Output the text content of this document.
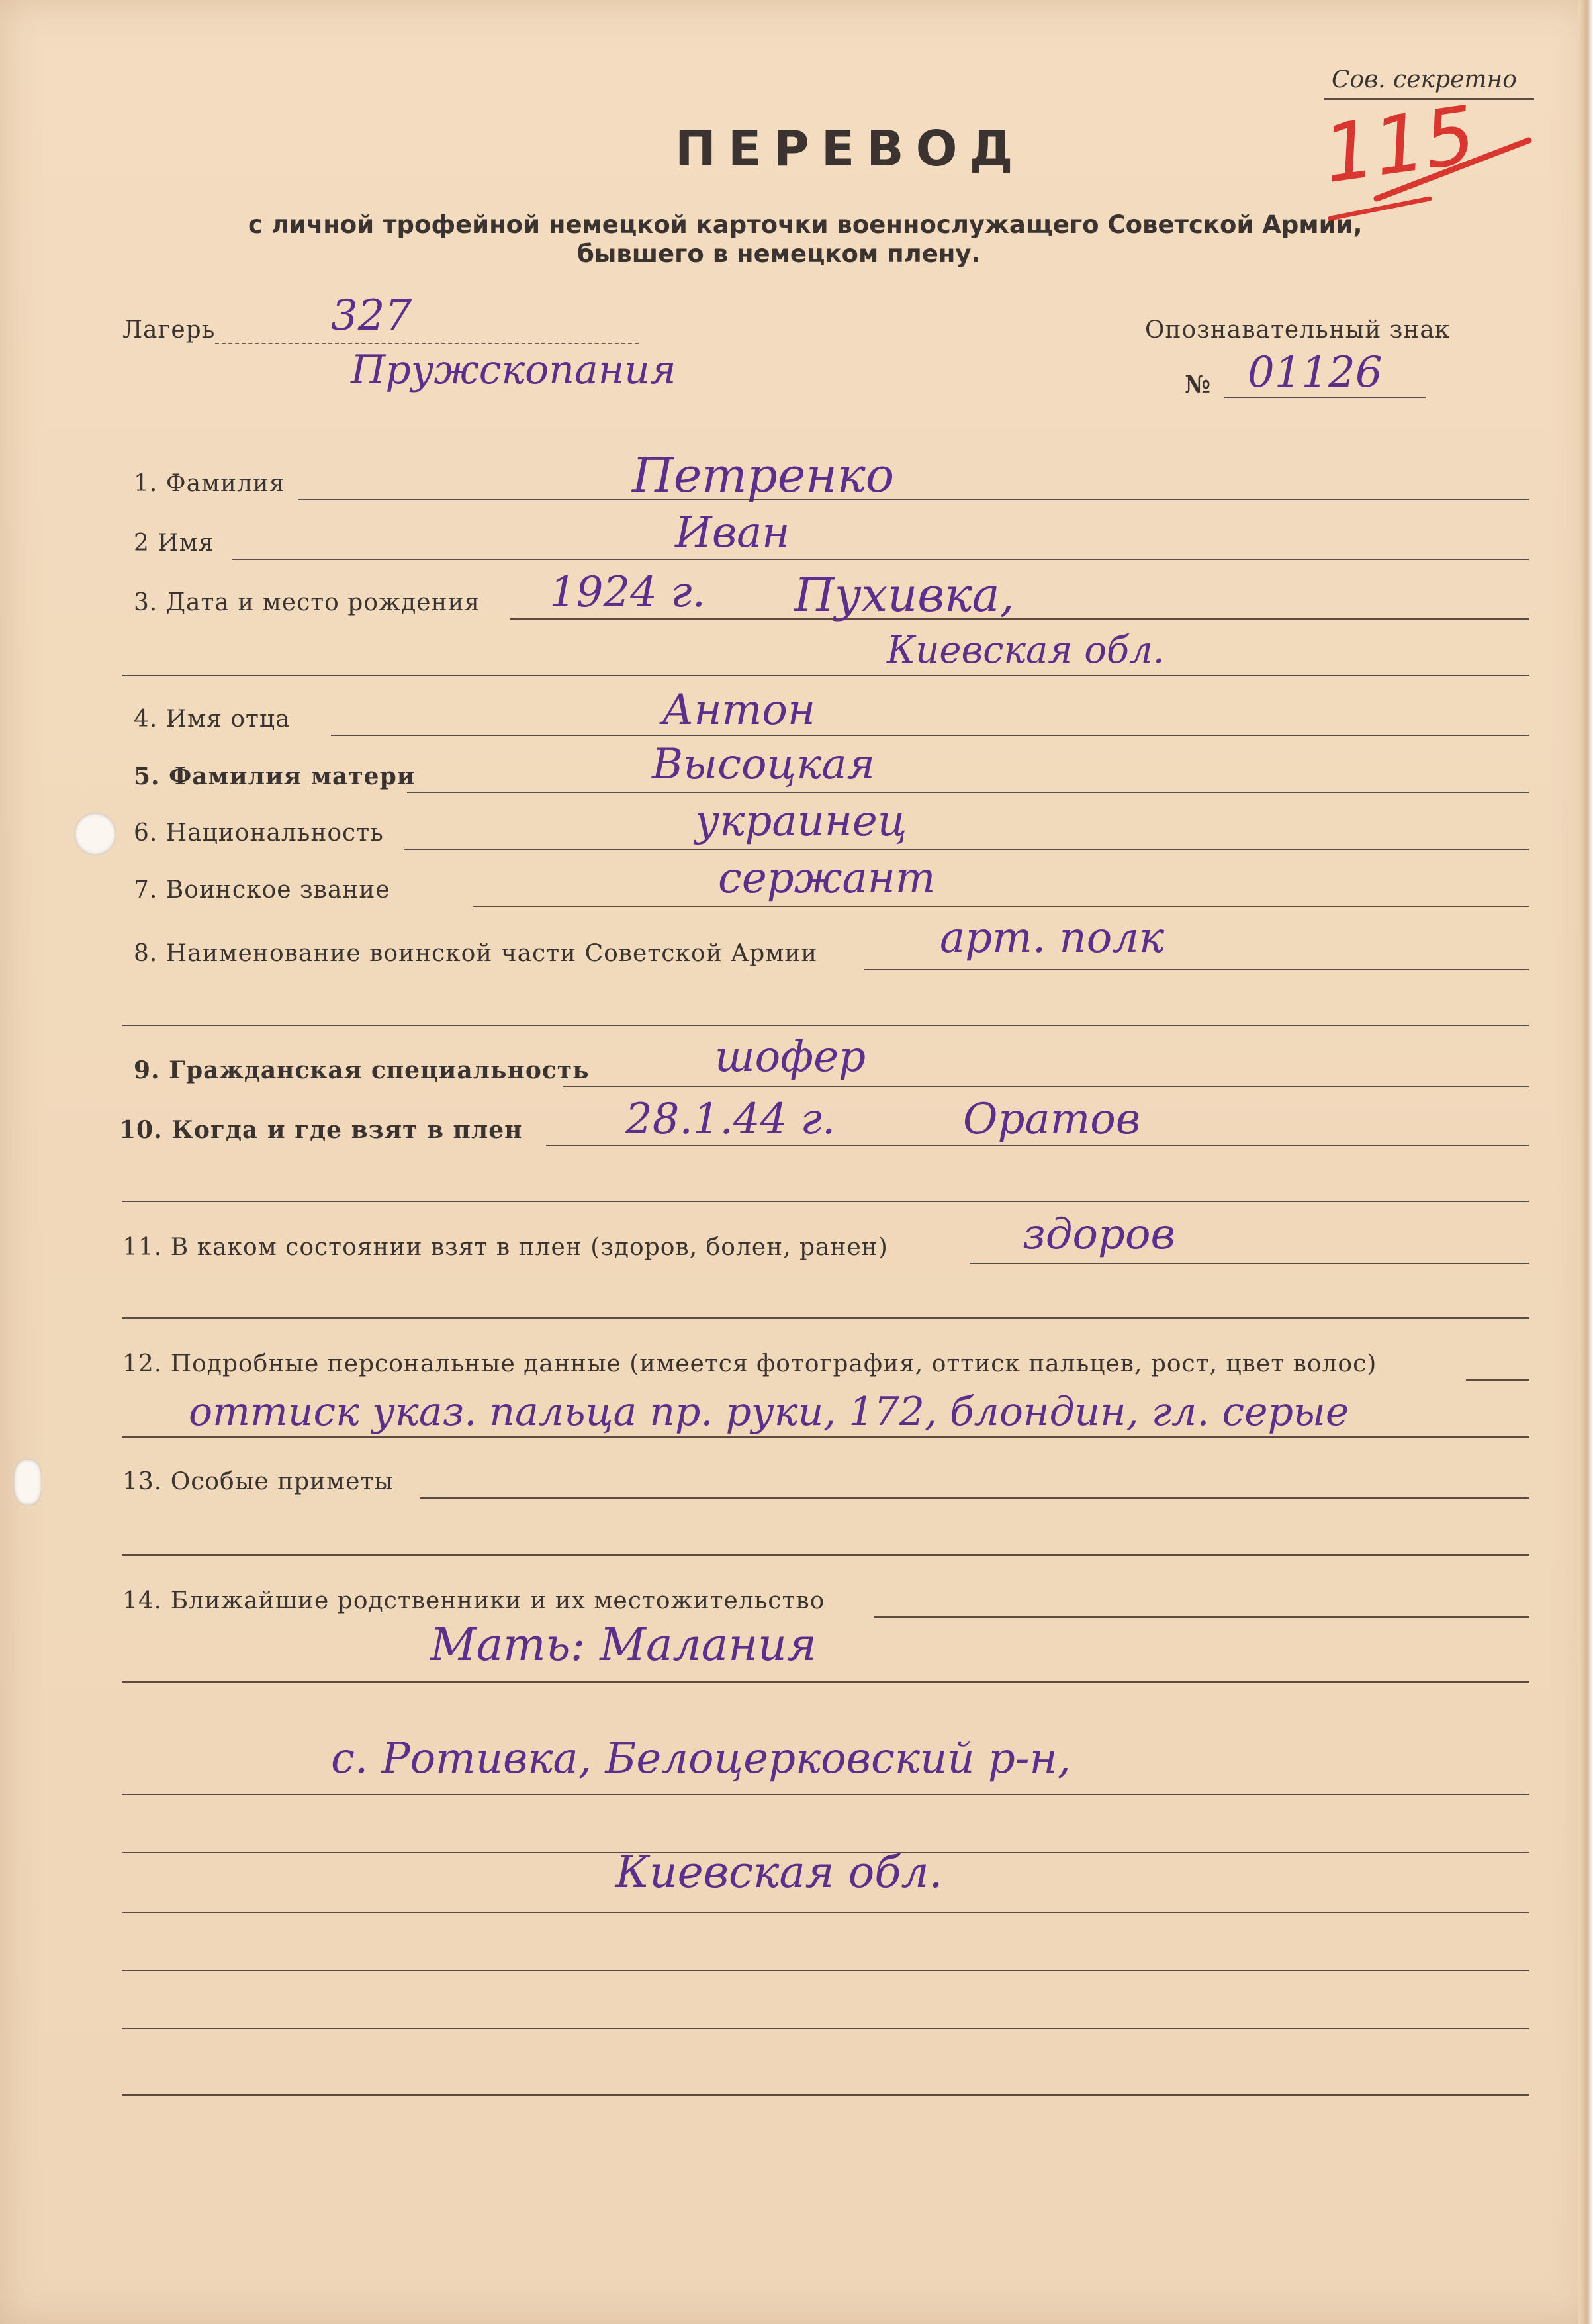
Сов. секретно
115
ПЕРЕВОД
с личной трофейной немецкой карточки военнослужащего Советской Армии,
бывшего в немецком плену.
Лагерь	327
Пружскопания
Опознавательный знак
№ 01126
1. Фамилия	Петренко
2 Имя	Иван
3. Дата и место рождения 1924 г. Пухивка,
Киевская обл.
4. Имя отца	Антон
5. Фамилия матери	Высоцкая
6. Национальность	украинец
7. Воинское звание	сержант
8. Наименование воинской части Советской Армии	арт. полк
9. Гражданская специальность	шофер
10. Когда и где взят в плен 28.1.44 г.	Оратов
11. В каком состоянии взят в плен (здоров, болен, ранен)	здоров
12. Подробные персональные данные (имеется фотография, оттиск пальцев, рост, цвет волос)
оттиск указ. пальца пр. руки, 172, блондин, гл. серые
13. Особые приметы
14. Ближайшие родственники и их местожительство
Мать: Малания
с. Ротивка, Белоцерковский р-н,
Киевская обл.
